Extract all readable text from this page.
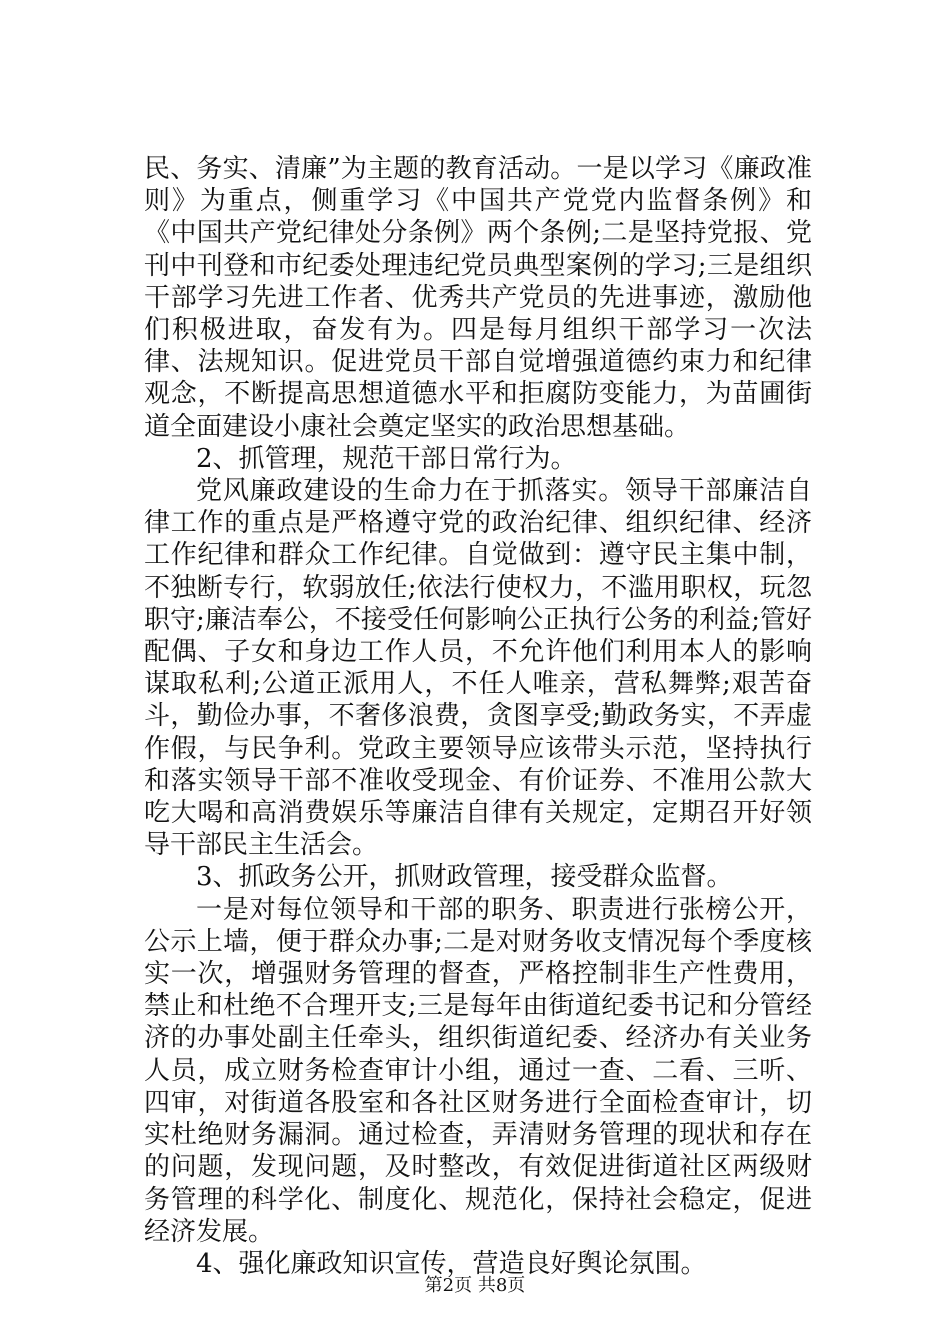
民、务实、清廉”为主题的教育活动。一是以学习《廉政准则》为重点，侧重学习《中国共产党党内监督条例》和《中国共产党纪律处分条例》两个条例;二是坚持党报、党刊中刊登和市纪委处理违纪党员典型案例的学习;三是组织干部学习先进工作者、优秀共产党员的先进事迹，激励他们积极进取，奋发有为。四是每月组织干部学习一次法律、法规知识。促进党员干部自觉增强道德约束力和纪律观念，不断提高思想道德水平和拒腐防变能力，为苗圃街道全面建设小康社会奠定坚实的政治思想基础。

2、抓管理，规范干部日常行为。

党风廉政建设的生命力在于抓落实。领导干部廉洁自律工作的重点是严格遵守党的政治纪律、组织纪律、经济工作纪律和群众工作纪律。自觉做到：遵守民主集中制，不独断专行，软弱放任;依法行使权力，不滥用职权，玩忽职守;廉洁奉公，不接受任何影响公正执行公务的利益;管好配偶、子女和身边工作人员，不允许他们利用本人的影响谋取私利;公道正派用人，不任人唯亲，营私舞弊;艰苦奋斗，勤俭办事，不奢侈浪费，贪图享受;勤政务实，不弄虚作假，与民争利。党政主要领导应该带头示范，坚持执行和落实领导干部不准收受现金、有价证券、不准用公款大吃大喝和高消费娱乐等廉洁自律有关规定，定期召开好领导干部民主生活会。

3、抓政务公开，抓财政管理，接受群众监督。

一是对每位领导和干部的职务、职责进行张榜公开，公示上墙，便于群众办事;二是对财务收支情况每个季度核实一次，增强财务管理的督查，严格控制非生产性费用，禁止和杜绝不合理开支;三是每年由街道纪委书记和分管经济的办事处副主任牵头，组织街道纪委、经济办有关业务人员，成立财务检查审计小组，通过一查、二看、三听、四审，对街道各股室和各社区财务进行全面检查审计，切实杜绝财务漏洞。通过检查，弄清财务管理的现状和存在的问题，发现问题，及时整改，有效促进街道社区两级财务管理的科学化、制度化、规范化，保持社会稳定，促进经济发展。

4、强化廉政知识宣传，营造良好舆论氛围。

第2页 共8页
